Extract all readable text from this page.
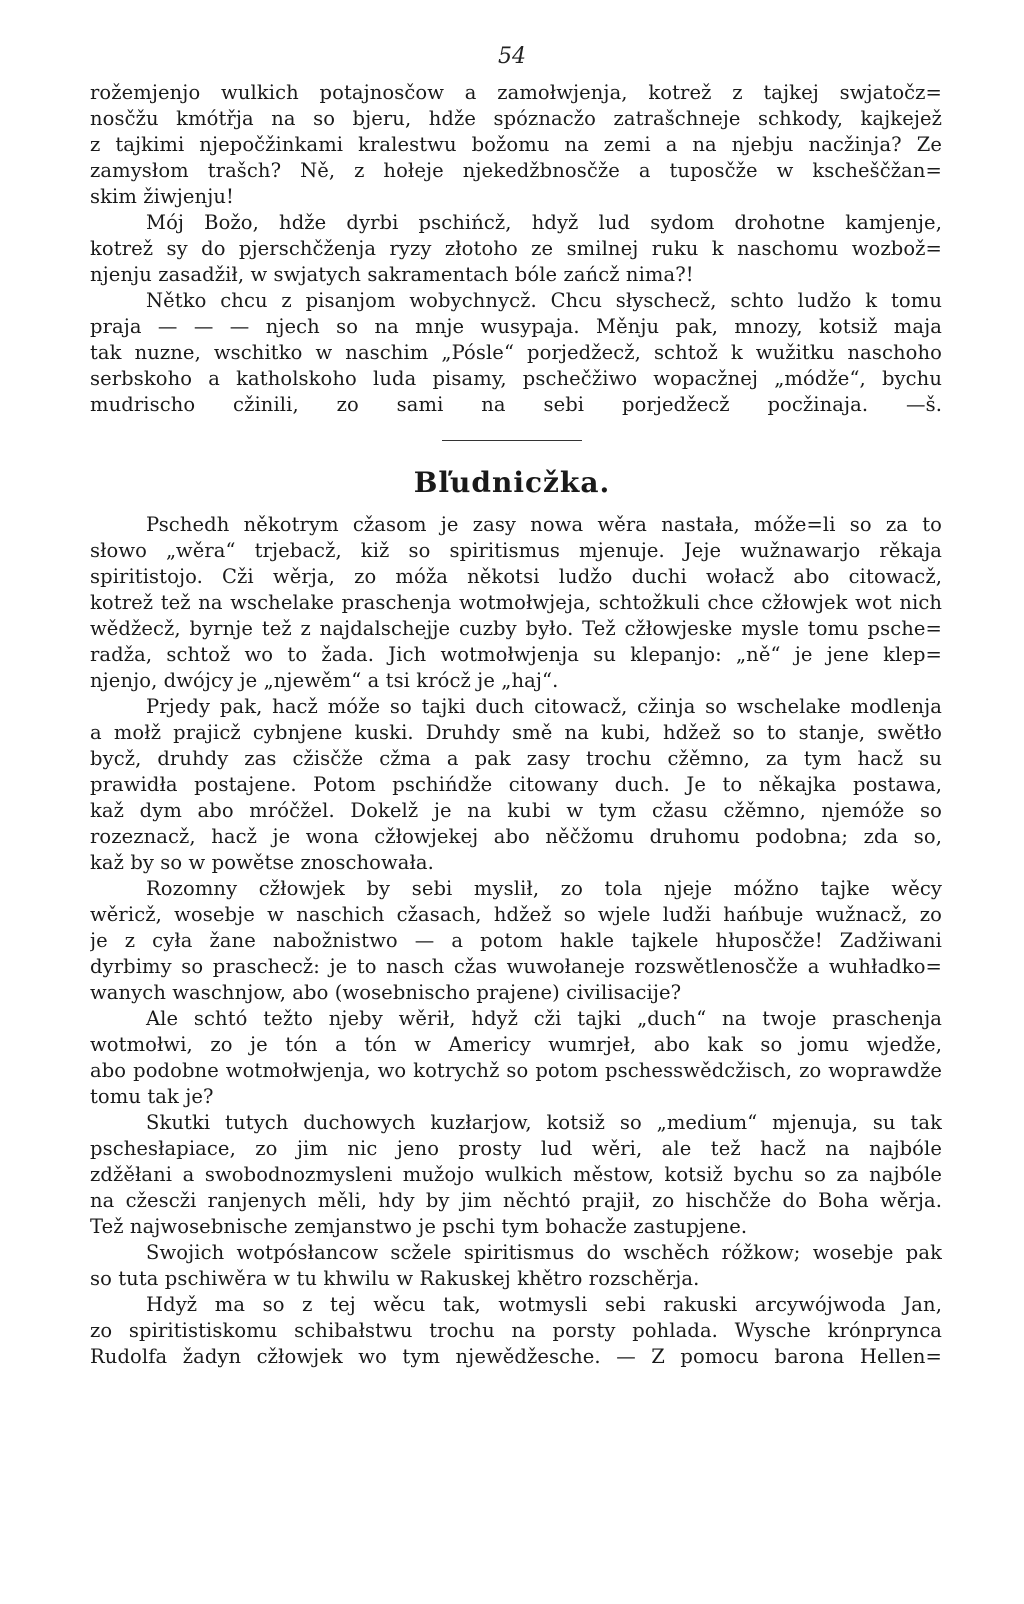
54
rožemjenjo wulkich potajnosčow a zamołwjenja, kotrež z tajkej swjatočz=
nosčžu kmótřja na so bjeru, hdže spóznacžo zatrašchneje schkody, kajkejež
z tajkimi njepočžinkami kralestwu božomu na zemi a na njebju nacžinja? Ze
zamysłom trašch? Ně, z hołeje njekedžbnosčže a tuposčže w kscheščžan=
skim žiwjenju!
Mój Božo, hdže dyrbi pschińcž, hdyž lud sydom drohotne kamjenje,
kotrež sy do pjerschčženja ryzy złotoho ze smilnej ruku k naschomu wozbož=
njenju zasadžił, w swjatych sakramentach bóle zańcž nima?!
Nětko chcu z pisanjom wobychnycž. Chcu słyschecž, schto ludžo k tomu
praja — — — njech so na mnje wusypaja. Měnju pak, mnozy, kotsiž maja
tak nuzne, wschitko w naschim „Pósle“ porjedžecž, schtož k wužitku naschoho
serbskoho a katholskoho luda pisamy, pschečžiwo wopacžnej „módže“, bychu
mudrischo cžinili, zo sami na sebi porjedžecž pocžinaja. —š.
Bľudnicžka.
Pschedh někotrym cžasom je zasy nowa wěra nastała, móže=li so za to
słowo „wěra“ trjebacž, kiž so spiritismus mjenuje. Jeje wužnawarjo rěkaja
spiritistojo. Cži wěrja, zo móža někotsi ludžo duchi wołacž abo citowacž,
kotrež tež na wschelake praschenja wotmołwjeja, schtožkuli chce cžłowjek wot nich
wědžecž, byrnje tež z najdalschejje cuzby było. Tež cžłowjeske mysle tomu psche=
radža, schtož wo to žada. Jich wotmołwjenja su klepanjo: „ně“ je jene klep=
njenjo, dwójcy je „njewěm“ a tsi krócž je „haj“.
Prjedy pak, hacž móže so tajki duch citowacž, cžinja so wschelake modlenja
a mołž prajicž cybnjene kuski. Druhdy smě na kubi, hdžež so to stanje, swětło
bycž, druhdy zas cžisčže cžma a pak zasy trochu cžěmno, za tym hacž su
prawidła postajene. Potom pschińdže citowany duch. Je to někajka postawa,
kaž dym abo mróčžel. Dokelž je na kubi w tym cžasu cžěmno, njemóže so
rozeznacž, hacž je wona cžłowjekej abo něčžomu druhomu podobna; zda so,
kaž by so w powětse znoschowała.
Rozomny cžłowjek by sebi myslił, zo tola njeje móžno tajke wěcy
wěricž, wosebje w naschich cžasach, hdžež so wjele ludži hańbuje wužnacž, zo
je z cyła žane nabožnistwo — a potom hakle tajkele hłuposčže! Zadžiwani
dyrbimy so praschecž: je to nasch cžas wuwołaneje rozswětlenosčže a wuhładko=
wanych waschnjow, abo (wosebnischo prajene) civilisacije?
Ale schtó težto njeby wěrił, hdyž cži tajki „duch“ na twoje praschenja
wotmołwi, zo je tón a tón w Americy wumrjeł, abo kak so jomu wjedže,
abo podobne wotmołwjenja, wo kotrychž so potom pschesswědcžisch, zo woprawdže
tomu tak je?
Skutki tutych duchowych kuzłarjow, kotsiž so „medium“ mjenuja, su tak
pschesłapiace, zo jim nic jeno prosty lud wěri, ale tež hacž na najbóle
zdžěłani a swobodnozmysleni mužojo wulkich městow, kotsiž bychu so za najbóle
na cžescži ranjenych měli, hdy by jim něchtó prajił, zo hischčže do Boha wěrja.
Tež najwosebnische zemjanstwo je pschi tym bohacže zastupjene.
Swojich wotpósłancow scžele spiritismus do wschěch róžkow; wosebje pak
so tuta pschiwěra w tu khwilu w Rakuskej khětro rozschěrja.
Hdyž ma so z tej wěcu tak, wotmysli sebi rakuski arcywójwoda Jan,
zo spiritistiskomu schibałstwu trochu na porsty pohlada. Wysche krónprynca
Rudolfa žadyn cžłowjek wo tym njewědžesche. — Z pomocu barona Hellen=
